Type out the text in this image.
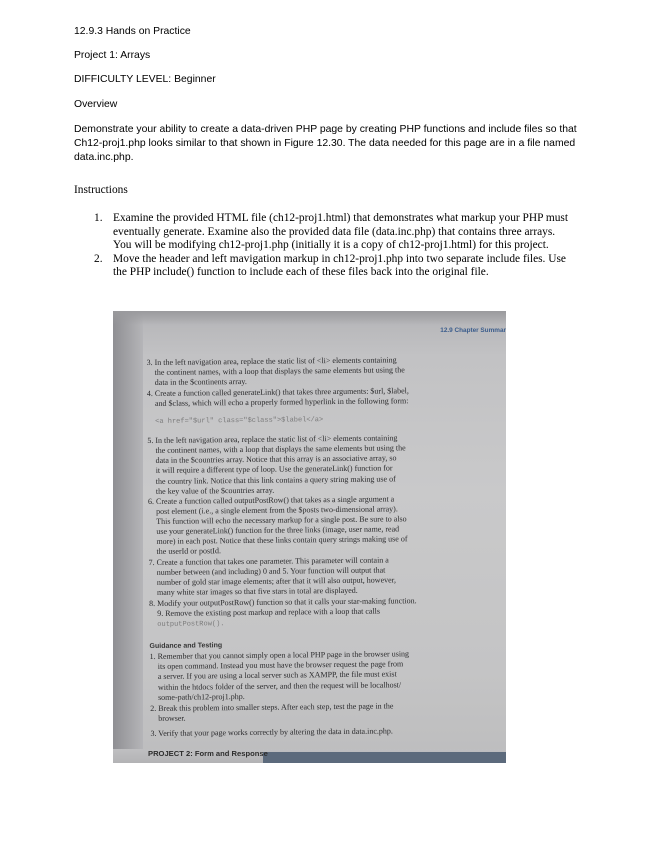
12.9.3 Hands on Practice

Project 1: Arrays

DIFFICULTY LEVEL: Beginner

Overview

Demonstrate your ability to create a data-driven PHP page by creating PHP functions and include files so that Ch12-proj1.php looks similar to that shown in Figure 12.30. The data needed for this page are in a file named data.inc.php.

Instructions

1. Examine the provided HTML file (ch12-proj1.html) that demonstrates what markup your PHP must eventually generate. Examine also the provided data file (data.inc.php) that contains three arrays. You will be modifying ch12-proj1.php (initially it is a copy of ch12-proj1.html) for this project.
2. Move the header and left mavigation markup in ch12-proj1.php into two separate include files. Use the PHP include() function to include each of these files back into the original file.
12.9 Chapter Summar
3. In the left navigation area, replace the static list of <li> elements containing
the continent names, with a loop that displays the same elements but using the
data in the $continents array.
4. Create a function called generateLink() that takes three arguments: $url, $label,
and $class, which will echo a properly formed hyperlink in the following form:
<a href="$url" class="$class">$label</a>
5. In the left navigation area, replace the static list of <li> elements containing
the continent names, with a loop that displays the same elements but using the
data in the $countries array. Notice that this array is an associative array, so
it will require a different type of loop. Use the generateLink() function for
the country link. Notice that this link contains a query string making use of
the key value of the $countries array.
6. Create a function called outputPostRow() that takes as a single argument a
post element (i.e., a single element from the $posts two-dimensional array).
This function will echo the necessary markup for a single post. Be sure to also
use your generateLink() function for the three links (image, user name, read
more) in each post. Notice that these links contain query strings making use of
the userId or postId.
7. Create a function that takes one parameter. This parameter will contain a
number between (and including) 0 and 5. Your function will output that
number of gold star image elements; after that it will also output, however,
many white star images so that five stars in total are displayed.
8. Modify your outputPostRow() function so that it calls your star-making function.
9. Remove the existing post markup and replace with a loop that calls
outputPostRow().
Guidance and Testing
1. Remember that you cannot simply open a local PHP page in the browser using
its open command. Instead you must have the browser request the page from
a server. If you are using a local server such as XAMPP, the file must exist
within the htdocs folder of the server, and then the request will be localhost/
some-path/ch12-proj1.php.
2. Break this problem into smaller steps. After each step, test the page in the
browser.
3. Verify that your page works correctly by altering the data in data.inc.php.
PROJECT 2: Form and Response
